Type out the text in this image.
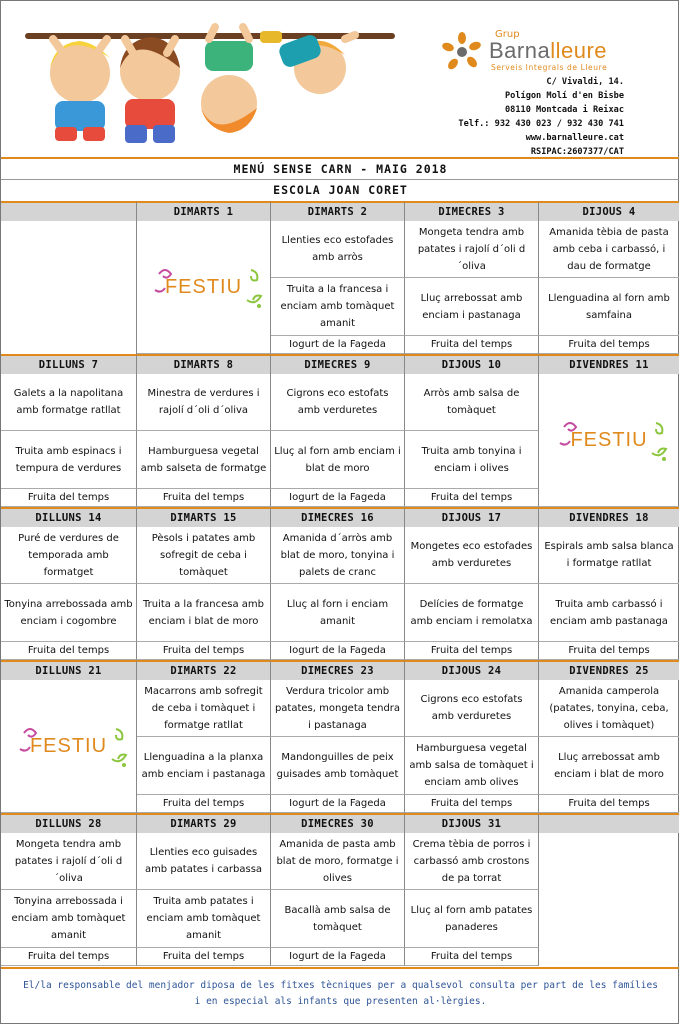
Grup
Barnalleure
Serveis Integrals de Lleure
C/ Vivaldi, 14.
Polígon Molí d'en Bisbe
08110 Montcada i Reixac
Telf.: 932 430 023 / 932 430 741
www.barnalleure.cat
RSIPAC:2607377/CAT
MENÚ SENSE CARN - MAIG 2018
ESCOLA JOAN CORET
DIMARTS 1
FESTIU
DIMARTS 2
Llenties eco estofades amb arròs
Truita a la francesa i enciam amb tomàquet amanit
Iogurt de la Fageda
DIMECRES 3
Mongeta tendra amb patates i rajolí d´oli d´oliva
Lluç arrebossat amb enciam i pastanaga
Fruita del temps
DIJOUS 4
Amanida tèbia de pasta amb ceba i carbassó, i dau de formatge
Llenguadina al forn amb samfaina
Fruita del temps
DILLUNS 7
Galets a la napolitana amb formatge ratllat
Truita amb espinacs i tempura de verdures
Fruita del temps
DIMARTS 8
Minestra de verdures i rajolí d´oli d´oliva
Hamburguesa vegetal amb salseta de formatge
Fruita del temps
DIMECRES 9
Cigrons eco estofats amb verduretes
Lluç al forn amb enciam i blat de moro
Iogurt de la Fageda
DIJOUS 10
Arròs amb salsa de tomàquet
Truita amb tonyina i enciam i olives
Fruita del temps
DIVENDRES 11
FESTIU
DILLUNS 14
Puré de verdures de temporada amb formatget
Tonyina arrebossada amb enciam i cogombre
Fruita del temps
DIMARTS 15
Pèsols i patates amb sofregit de ceba i tomàquet
Truita a la francesa amb enciam i blat de moro
Fruita del temps
DIMECRES 16
Amanida d´arròs amb blat de moro, tonyina i palets de cranc
Lluç al forn i enciam amanit
Iogurt de la Fageda
DIJOUS 17
Mongetes eco estofades amb verduretes
Delícies de formatge amb enciam i remolatxa
Fruita del temps
DIVENDRES 18
Espirals amb salsa blanca i formatge ratllat
Truita amb carbassó i enciam amb pastanaga
Fruita del temps
DILLUNS 21
FESTIU
DIMARTS 22
Macarrons amb sofregit de ceba i tomàquet i formatge ratllat
Llenguadina a la planxa amb enciam i pastanaga
Fruita del temps
DIMECRES 23
Verdura tricolor amb patates, mongeta tendra i pastanaga
Mandonguilles de peix guisades amb tomàquet
Iogurt de la Fageda
DIJOUS 24
Cigrons eco estofats amb verduretes
Hamburguesa vegetal amb salsa de tomàquet i enciam amb olives
Fruita del temps
DIVENDRES 25
Amanida camperola (patates, tonyina, ceba, olives i tomàquet)
Lluç arrebossat amb enciam i blat de moro
Fruita del temps
DILLUNS 28
Mongeta tendra amb patates i rajolí d´oli d´oliva
Tonyina arrebossada i enciam amb tomàquet amanit
Fruita del temps
DIMARTS 29
Llenties eco guisades amb patates i carbassa
Truita amb patates i enciam amb tomàquet amanit
Fruita del temps
DIMECRES 30
Amanida de pasta amb blat de moro, formatge i olives
Bacallà amb salsa de tomàquet
Iogurt de la Fageda
DIJOUS 31
Crema tèbia de porros i carbassó amb crostons de pa torrat
Lluç al forn amb patates panaderes
Fruita del temps
El/la responsable del menjador diposa de les fitxes tècniques per a qualsevol consulta per part de les famílies
i en especial als infants que presenten al·lèrgies.
